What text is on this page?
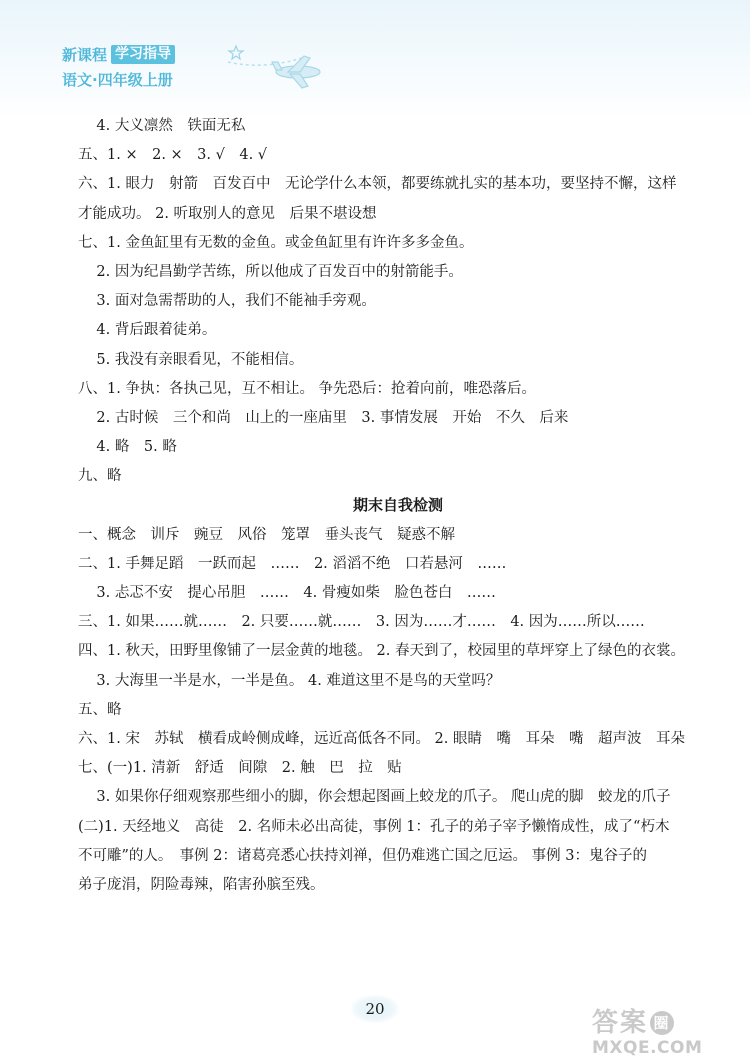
新课程 学习指导
语文·四年级上册
4. 大义凛然　铁面无私
五、1. ×　2. ×　3. √　4. √
六、1. 眼力　射箭　百发百中　无论学什么本领，都要练就扎实的基本功，要坚持不懈，这样
才能成功。 2. 听取别人的意见　后果不堪设想
七、1. 金鱼缸里有无数的金鱼。或金鱼缸里有许许多多金鱼。
2. 因为纪昌勤学苦练，所以他成了百发百中的射箭能手。
3. 面对急需帮助的人，我们不能袖手旁观。
4. 背后跟着徒弟。
5. 我没有亲眼看见，不能相信。
八、1. 争执：各执己见，互不相让。 争先恐后：抢着向前，唯恐落后。
2. 古时候　三个和尚　山上的一座庙里　3. 事情发展　开始　不久　后来
4. 略　5. 略
九、略
期末自我检测
一、概念　训斥　豌豆　风俗　笼罩　垂头丧气　疑惑不解
二、1. 手舞足蹈　一跃而起　……　2. 滔滔不绝　口若悬河　……
3. 忐忑不安　提心吊胆　……　4. 骨瘦如柴　脸色苍白　……
三、1. 如果……就……　2. 只要……就……　3. 因为……才……　4. 因为……所以……
四、1. 秋天，田野里像铺了一层金黄的地毯。 2. 春天到了，校园里的草坪穿上了绿色的衣裳。
3. 大海里一半是水，一半是鱼。 4. 难道这里不是鸟的天堂吗？
五、略
六、1. 宋　苏轼　横看成岭侧成峰，远近高低各不同。 2. 眼睛　嘴　耳朵　嘴　超声波　耳朵
七、(一)1. 清新　舒适　间隙　2. 触　巴　拉　贴
3. 如果你仔细观察那些细小的脚，你会想起图画上蛟龙的爪子。 爬山虎的脚　蛟龙的爪子
(二)1. 天经地义　高徒　2. 名师未必出高徒，事例 1：孔子的弟子宰予懒惰成性，成了“朽木
不可雕”的人。　事例 2：诸葛亮悉心扶持刘禅，但仍难逃亡国之厄运。 事例 3：鬼谷子的
弟子庞涓，阴险毒辣，陷害孙膑至残。
20	答案 圈
MXQE.COM
